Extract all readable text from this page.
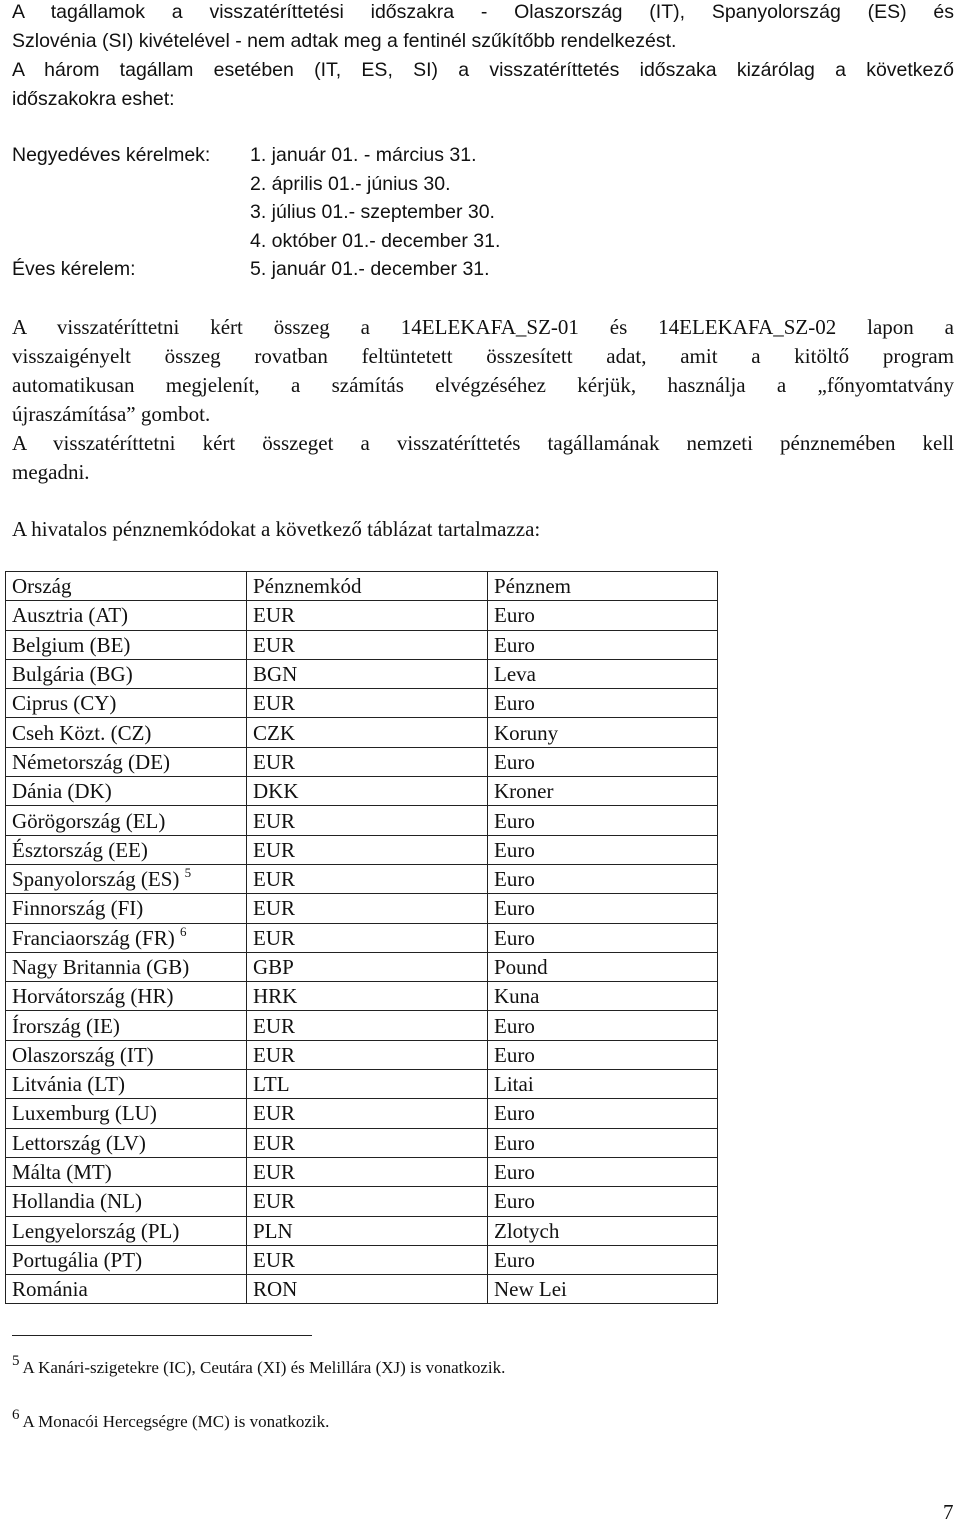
A tagállamok a visszatéríttetési időszakra - Olaszország (IT), Spanyolország (ES) és
Szlovénia (SI) kivételével - nem adtak meg a fentinél szűkítőbb rendelkezést.
A három tagállam esetében (IT, ES, SI) a visszatéríttetés időszaka kizárólag a következő
időszakokra eshet:
Negyedéves kérelmek: 1. január 01. - március 31.
2. április 01.- június 30.
3. július 01.- szeptember 30.
4. október 01.- december 31.
Éves kérelem:	5. január 01.- december 31.
A visszatéríttetni kért összeg a 14ELEKAFA_SZ-01 és 14ELEKAFA_SZ-02 lapon a
visszaigényelt összeg rovatban feltüntetett összesített adat, amit a kitöltő program
automatikusan megjelenít, a számítás elvégzéséhez kérjük, használja a „főnyomtatvány
újraszámítása” gombot.
A visszatéríttetni kért összeget a visszatéríttetés tagállamának nemzeti pénznemében kell
megadni.
A hivatalos pénznemkódokat a következő táblázat tartalmazza:
Ország	Pénznemkód	Pénznem
Ausztria (AT)	EUR	Euro
Belgium (BE)	EUR	Euro
Bulgária (BG)	BGN	Leva
Ciprus (CY)	EUR	Euro
Cseh Közt. (CZ)	CZK	Koruny
Németország (DE)	EUR	Euro
Dánia (DK)	DKK	Kroner
Görögország (EL)	EUR	Euro
Észtország (EE)	EUR	Euro
Spanyolország (ES) $^5$	EUR	Euro
Finnország (FI)	EUR	Euro
Franciaország (FR) $^6$	EUR	Euro
Nagy Britannia (GB)	GBP	Pound
Horvátország (HR)	HRK	Kuna
Írország (IE)	EUR	Euro
Olaszország (IT)	EUR	Euro
Litvánia (LT)	LTL	Litai
Luxemburg (LU)	EUR	Euro
Lettország (LV)	EUR	Euro
Málta (MT)	EUR	Euro
Hollandia (NL)	EUR	Euro
Lengyelország (PL)	PLN	Zlotych
Portugália (PT)	EUR	Euro
Románia	RON	New Lei
5 A Kanári-szigetekre (IC), Ceutára (XI) és Melillára (XJ) is vonatkozik.
6 A Monacói Hercegségre (MC) is vonatkozik.
7
